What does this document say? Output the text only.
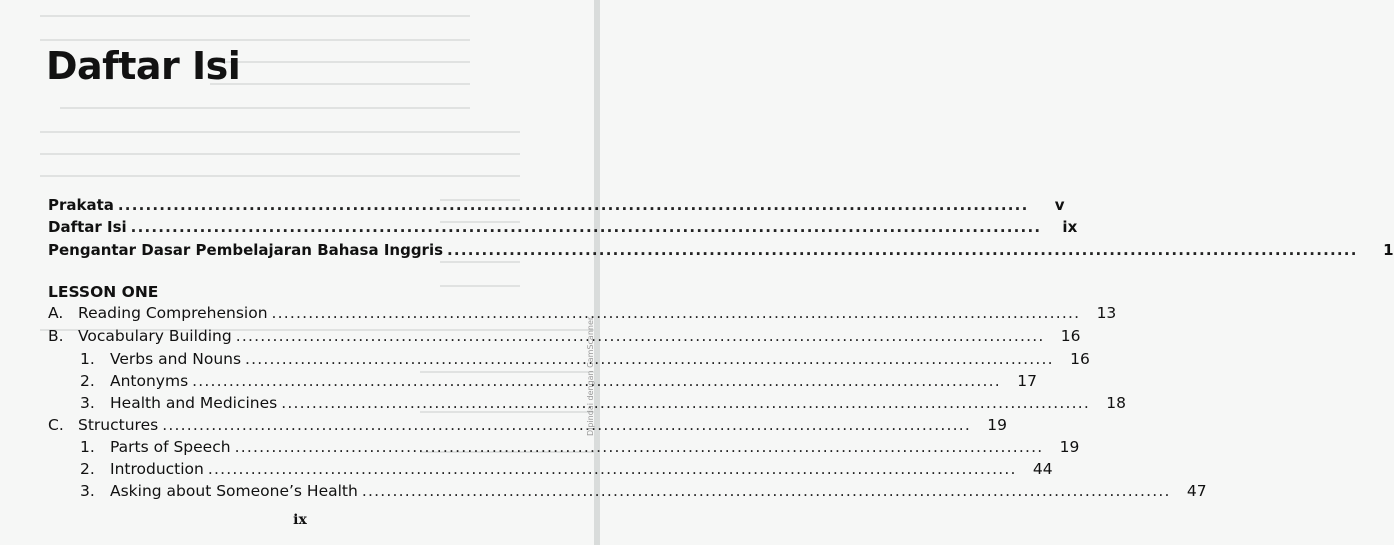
Daftar Isi
Prakata ....................................................................................................................................	v
Daftar Isi ....................................................................................................................................	ix
Pengantar Dasar Pembelajaran Bahasa Inggris ....................................................................................................................................	1
LESSON ONE
A. Reading Comprehension ....................................................................................................................................	13
B. Vocabulary Building ....................................................................................................................................	16
1. Verbs and Nouns ....................................................................................................................................	16
2. Antonyms ....................................................................................................................................	17
3. Health and Medicines ....................................................................................................................................	18
C. Structures ....................................................................................................................................	19
1. Parts of Speech ....................................................................................................................................	19
2. Introduction ....................................................................................................................................	44
3. Asking about Someone’s Health ....................................................................................................................................	47
ix
Dipindai dengan CamScanner
